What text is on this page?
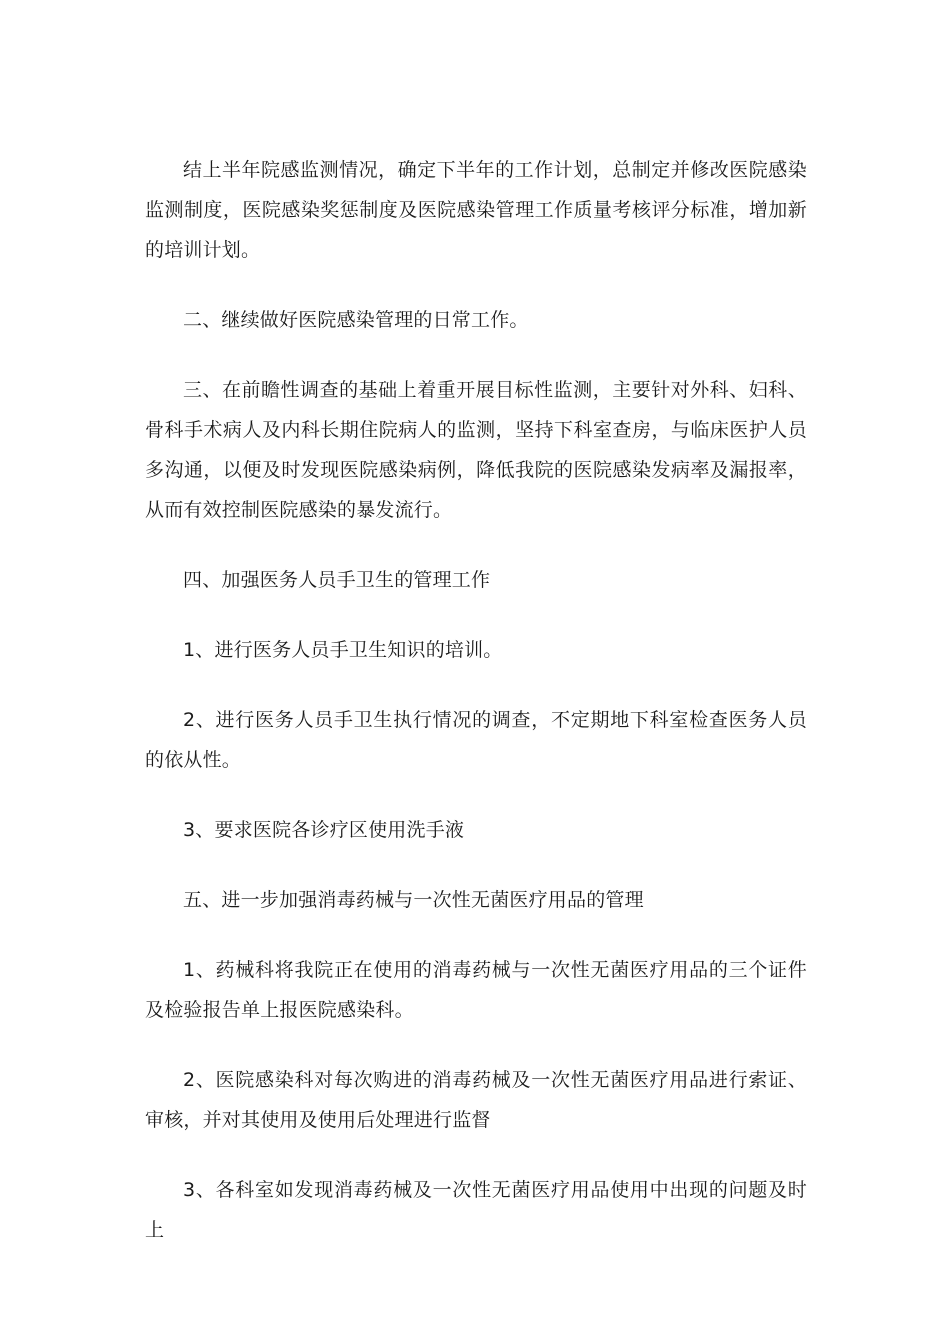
结上半年院感监测情况，确定下半年的工作计划，总制定并修改医院感染监测制度，医院感染奖惩制度及医院感染管理工作质量考核评分标准，增加新的培训计划。

二、继续做好医院感染管理的日常工作。

三、在前瞻性调查的基础上着重开展目标性监测，主要针对外科、妇科、骨科手术病人及内科长期住院病人的监测，坚持下科室查房，与临床医护人员多沟通，以便及时发现医院感染病例，降低我院的医院感染发病率及漏报率，从而有效控制医院感染的暴发流行。

四、加强医务人员手卫生的管理工作

1、进行医务人员手卫生知识的培训。

2、进行医务人员手卫生执行情况的调查，不定期地下科室检查医务人员的依从性。

3、要求医院各诊疗区使用洗手液

五、进一步加强消毒药械与一次性无菌医疗用品的管理

1、药械科将我院正在使用的消毒药械与一次性无菌医疗用品的三个证件及检验报告单上报医院感染科。

2、医院感染科对每次购进的消毒药械及一次性无菌医疗用品进行索证、审核，并对其使用及使用后处理进行监督

3、各科室如发现消毒药械及一次性无菌医疗用品使用中出现的问题及时上
